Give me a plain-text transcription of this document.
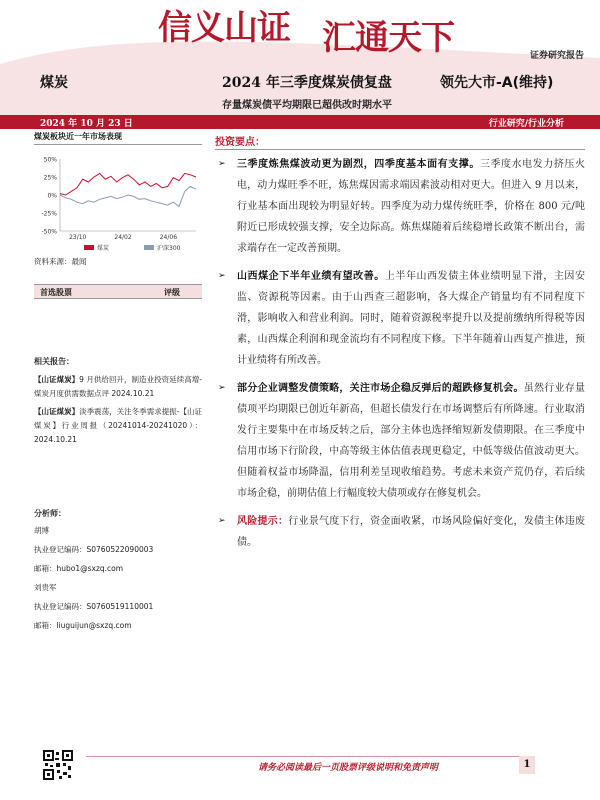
信义山证 汇通天下	证券研究报告
煤炭	2024 年三季度煤炭债复盘	领先大市-A(维持)
存量煤炭债平均期限已超供改时期水平
2024 年 10 月 23 日	行业研究/行业分析
煤炭板块近一年市场表现
50%
25%
0%
-25%
-50%
23/10	24/02	24/06
煤炭	沪深300
资料来源：最闻
首选股票	评级
相关报告：
【山证煤炭】9 月供给回升，制造业投资延续高增-煤炭月度供需数据点评 2024.10.21
【山证煤炭】淡季震荡，关注冬季需求提振-【山证煤炭】行业周报（20241014-20241020）：2024.10.21
分析师：
胡博
执业登记编码：S0760522090003
邮箱：hubo1@sxzq.com
刘贵军
执业登记编码：S0760519110001
邮箱：liuguijun@sxzq.com
投资要点：
➢ 三季度炼焦煤波动更为剧烈，四季度基本面有支撑。三季度水电发力挤压火电，动力煤旺季不旺，炼焦煤因需求端因素波动相对更大。但进入 9 月以来，行业基本面出现较为明显好转。四季度为动力煤传统旺季，价格在 800 元/吨附近已形成较强支撑，安全边际高。炼焦煤随着后续稳增长政策不断出台，需求端存在一定改善预期。
➢ 山西煤企下半年业绩有望改善。上半年山西发债主体业绩明显下滑，主因安监、资源税等因素。由于山西查三超影响，各大煤企产销量均有不同程度下滑，影响收入和营业利润。同时，随着资源税率提升以及提前缴纳所得税等因素，山西煤企利润和现金流均有不同程度下修。下半年随着山西复产推进，预计业绩将有所改善。
➢ 部分企业调整发债策略，关注市场企稳反弹后的超跌修复机会。虽然行业存量债项平均期限已创近年新高，但超长债发行在市场调整后有所降速。行业取消发行主要集中在市场反转之后，部分主体也选择缩短新发债期限。在三季度中信用市场下行阶段，中高等级主体估值表现更稳定，中低等级估值波动更大。但随着权益市场降温，信用利差呈现收缩趋势。考虑未来资产荒仍存，若后续市场企稳，前期估值上行幅度较大债项或存在修复机会。
➢ 风险提示：行业景气度下行，资金面收紧，市场风险偏好变化，发债主体违废债。
请务必阅读最后一页股票评级说明和免责声明	1
